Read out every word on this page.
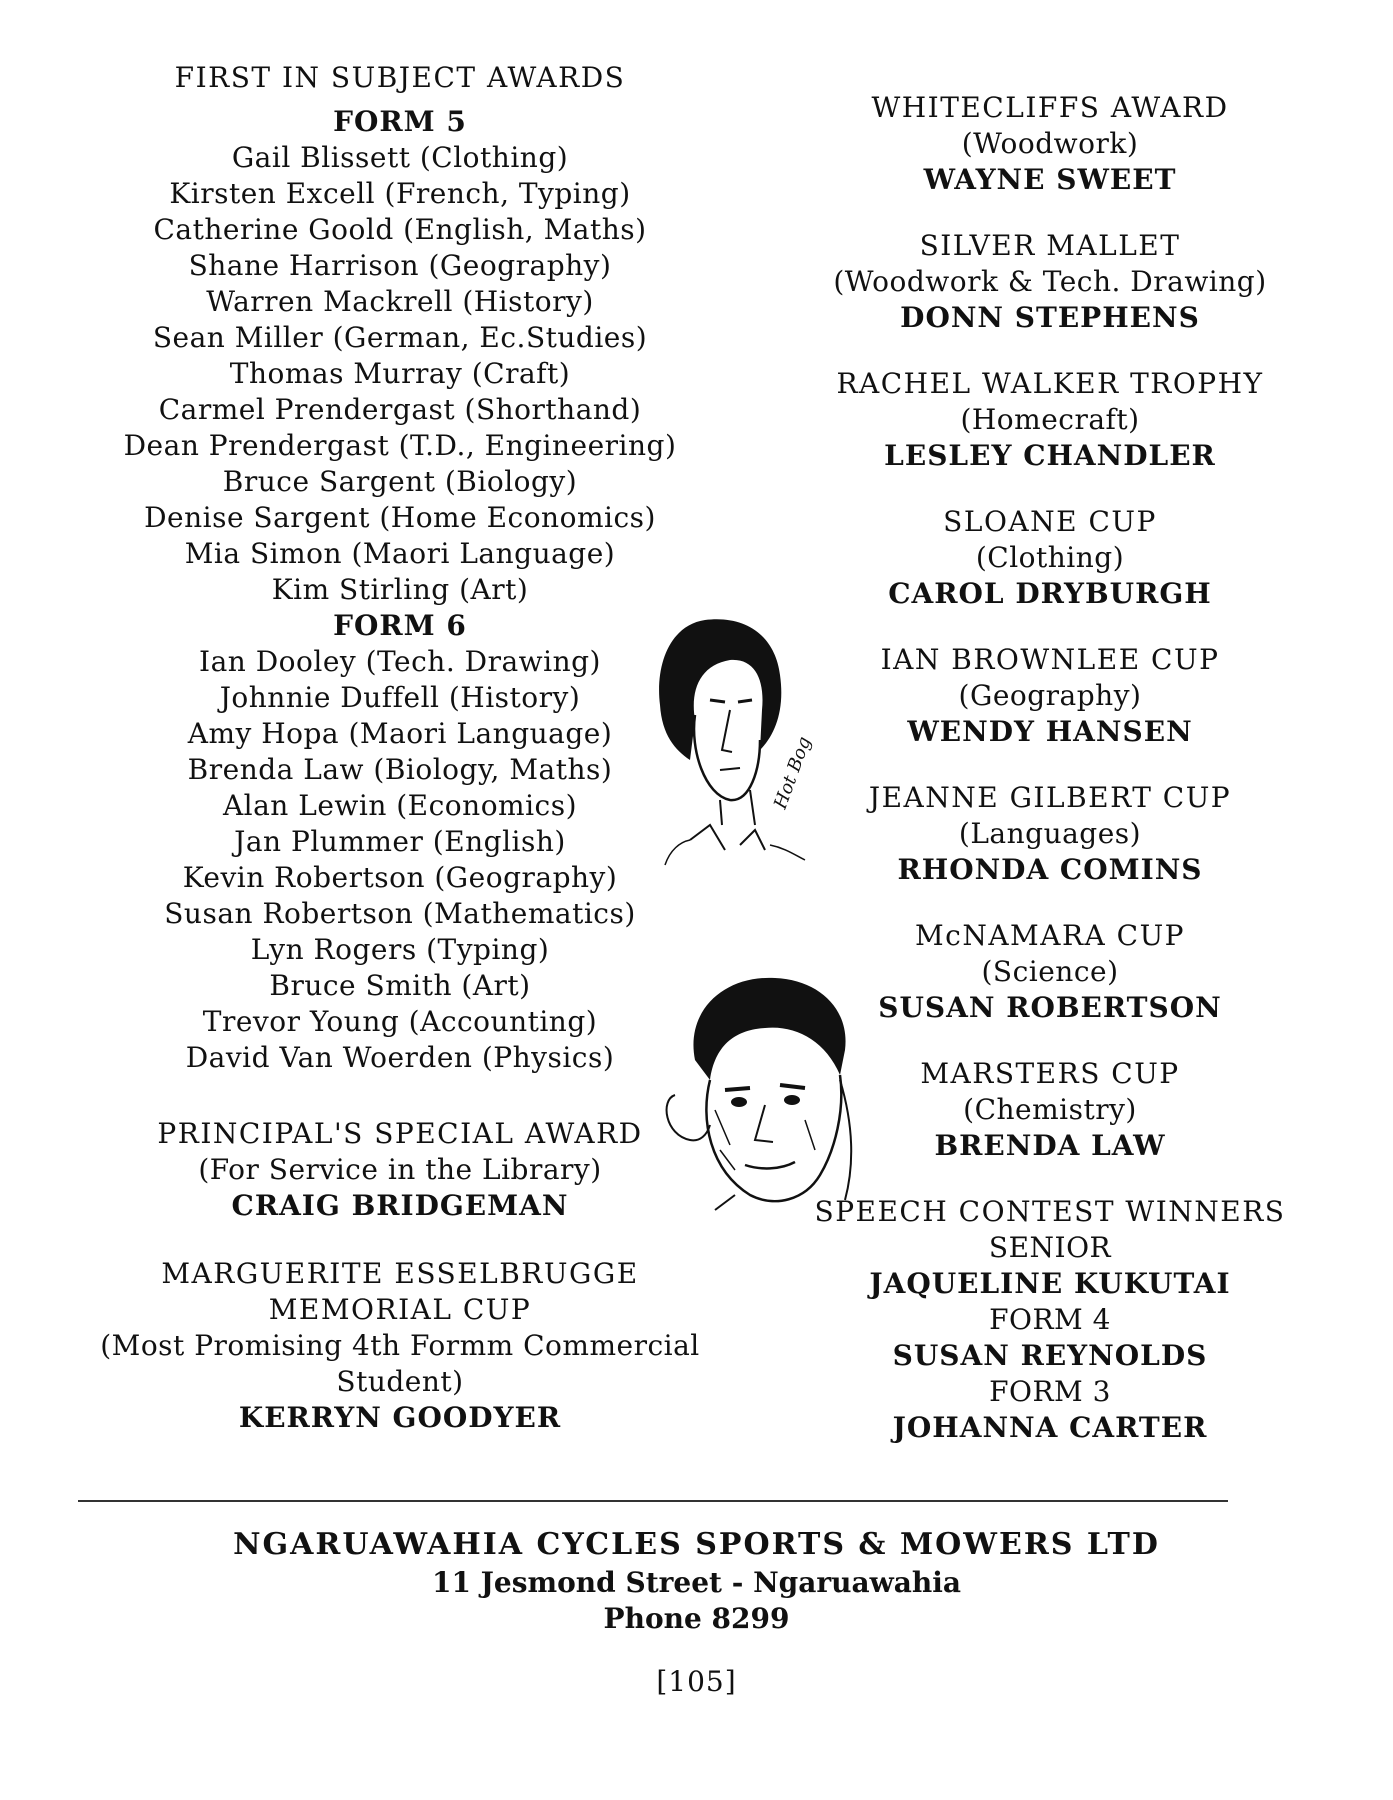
FIRST IN SUBJECT AWARDS
FORM 5
Gail Blissett (Clothing)
Kirsten Excell (French, Typing)
Catherine Goold (English, Maths)
Shane Harrison (Geography)
Warren Mackrell (History)
Sean Miller (German, Ec.Studies)
Thomas Murray (Craft)
Carmel Prendergast (Shorthand)
Dean Prendergast (T.D., Engineering)
Bruce Sargent (Biology)
Denise Sargent (Home Economics)
Mia Simon (Maori Language)
Kim Stirling (Art)
FORM 6
Ian Dooley (Tech. Drawing)
Johnnie Duffell (History)
Amy Hopa (Maori Language)
Brenda Law (Biology, Maths)
Alan Lewin (Economics)
Jan Plummer (English)
Kevin Robertson (Geography)
Susan Robertson (Mathematics)
Lyn Rogers (Typing)
Bruce Smith (Art)
Trevor Young (Accounting)
David Van Woerden (Physics)
PRINCIPAL'S SPECIAL AWARD
(For Service in the Library)
CRAIG BRIDGEMAN
MARGUERITE ESSELBRUGGE
MEMORIAL CUP
(Most Promising 4th Formm Commercial
Student)
KERRYN GOODYER
WHITECLIFFS AWARD
(Woodwork)
WAYNE SWEET
SILVER MALLET
(Woodwork & Tech. Drawing)
DONN STEPHENS
RACHEL WALKER TROPHY
(Homecraft)
LESLEY CHANDLER
SLOANE CUP
(Clothing)
CAROL DRYBURGH
IAN BROWNLEE CUP
(Geography)
WENDY HANSEN
JEANNE GILBERT CUP
(Languages)
RHONDA COMINS
McNAMARA CUP
(Science)
SUSAN ROBERTSON
MARSTERS CUP
(Chemistry)
BRENDA LAW
SPEECH CONTEST WINNERS
SENIOR
JAQUELINE KUKUTAI
FORM 4
SUSAN REYNOLDS
FORM 3
JOHANNA CARTER
Hot Bog
NGARUAWAHIA CYCLES SPORTS & MOWERS LTD
11 Jesmond Street - Ngaruawahia
Phone 8299
[105]
